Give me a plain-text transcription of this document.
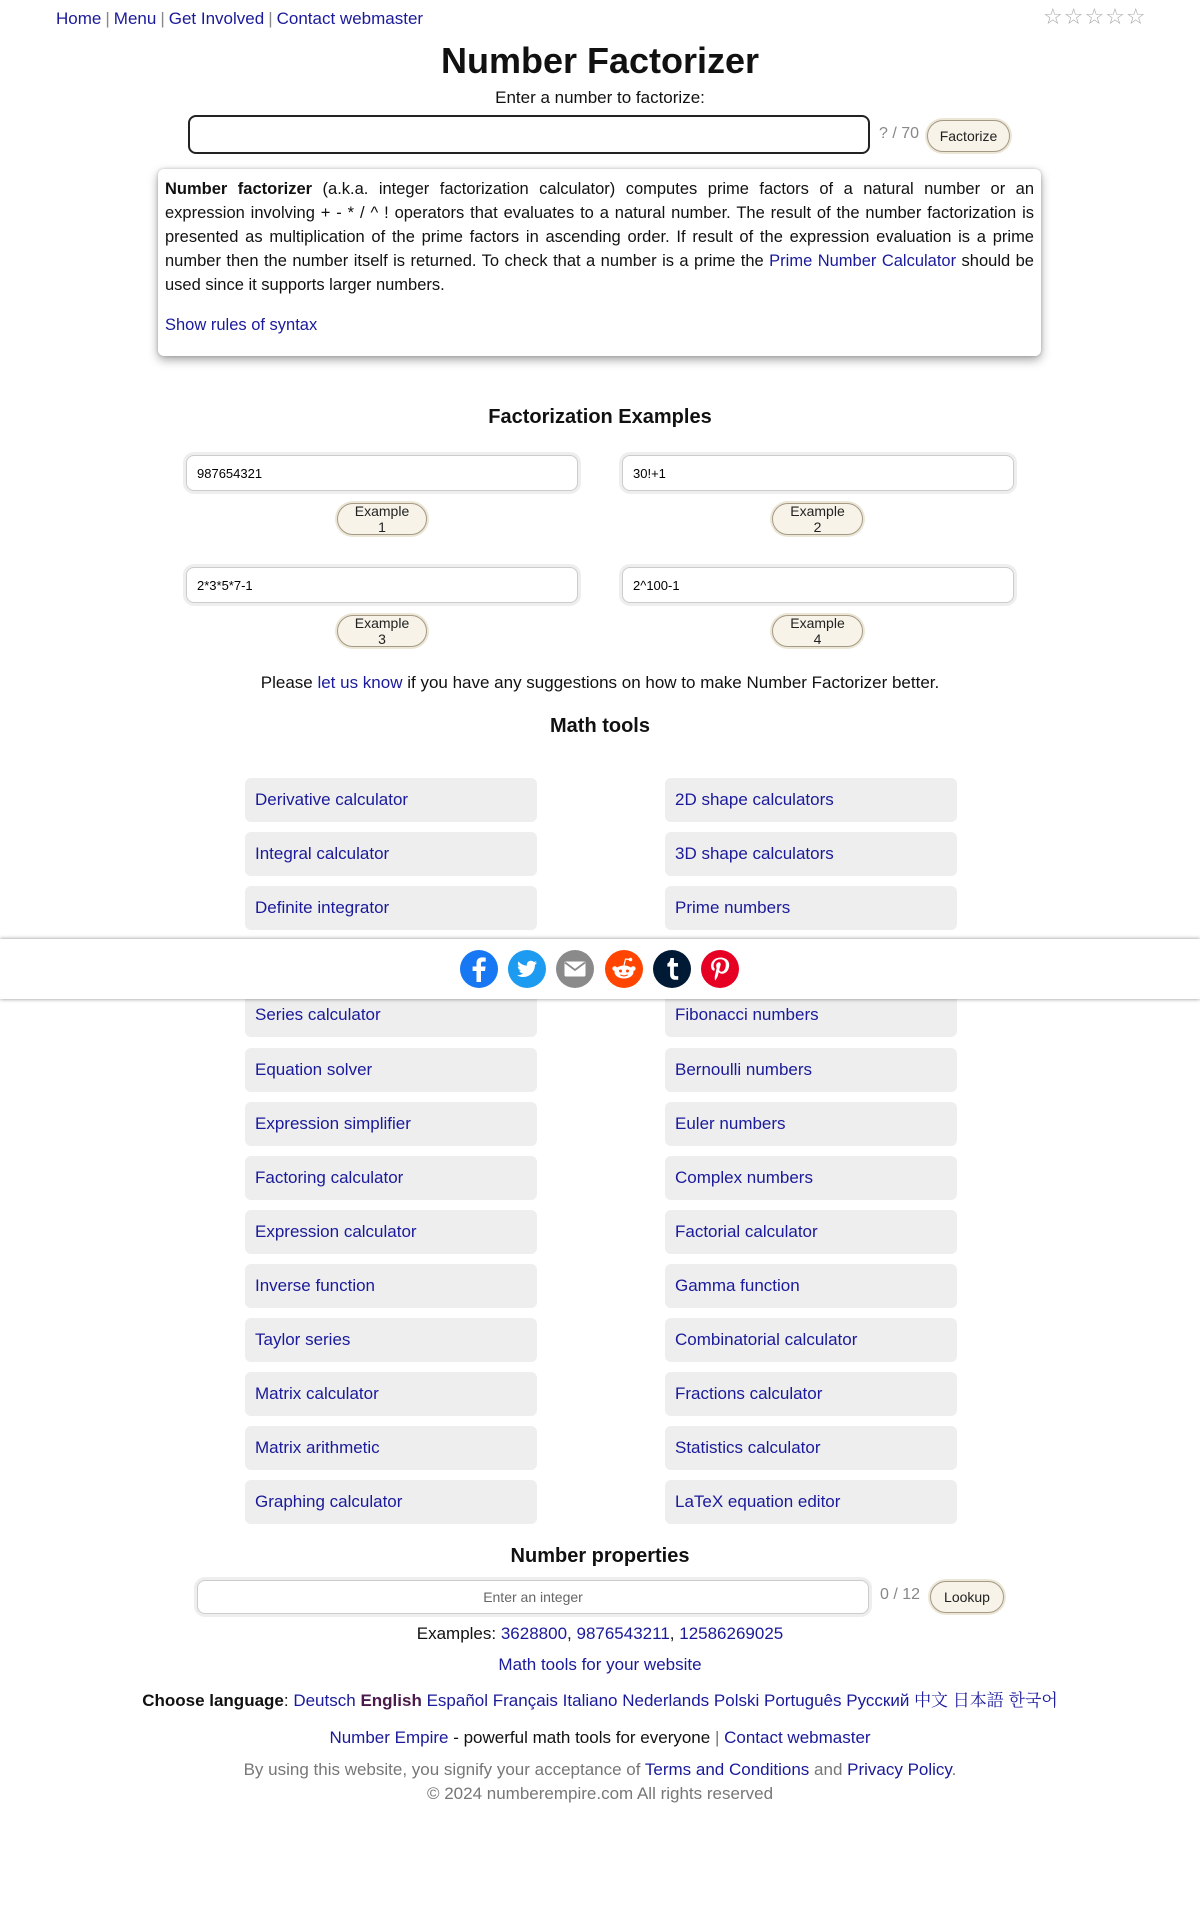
Home | Menu | Get Involved | Contact webmaster	☆☆☆☆☆
Number Factorizer
Enter a number to factorize:
? / 70	Factorize
Number factorizer (a.k.a. integer factorization calculator) computes prime factors of a natural number or an expression involving + - * / ^ ! operators that evaluates to a natural number. The result of the number factorization is presented as multiplication of the prime factors in ascending order. If result of the expression evaluation is a prime number then the number itself is returned. To check that a number is a prime the Prime Number Calculator should be used since it supports larger numbers.
Show rules of syntax
Factorization Examples
987654321
Example 1
30!+1
Example 2
2*3*5*7-1
Example 3
2^100-1
Example 4
Please let us know if you have any suggestions on how to make Number Factorizer better.
Math tools
Derivative calculator
Integral calculator
Definite integrator
Series calculator
Equation solver
Expression simplifier
Factoring calculator
Expression calculator
Inverse function
Taylor series
Matrix calculator
Matrix arithmetic
Graphing calculator
2D shape calculators
3D shape calculators
Prime numbers
Fibonacci numbers
Bernoulli numbers
Euler numbers
Complex numbers
Factorial calculator
Gamma function
Combinatorial calculator
Fractions calculator
Statistics calculator
LaTeX equation editor
Number properties
Enter an integer
0 / 12	Lookup
Examples: 3628800, 9876543211, 12586269025
Math tools for your website
Choose language: Deutsch English Español Français Italiano Nederlands Polski Português Русский 中文 日本語 한국어
Number Empire - powerful math tools for everyone | Contact webmaster
By using this website, you signify your acceptance of Terms and Conditions and Privacy Policy.
© 2024 numberempire.com All rights reserved
